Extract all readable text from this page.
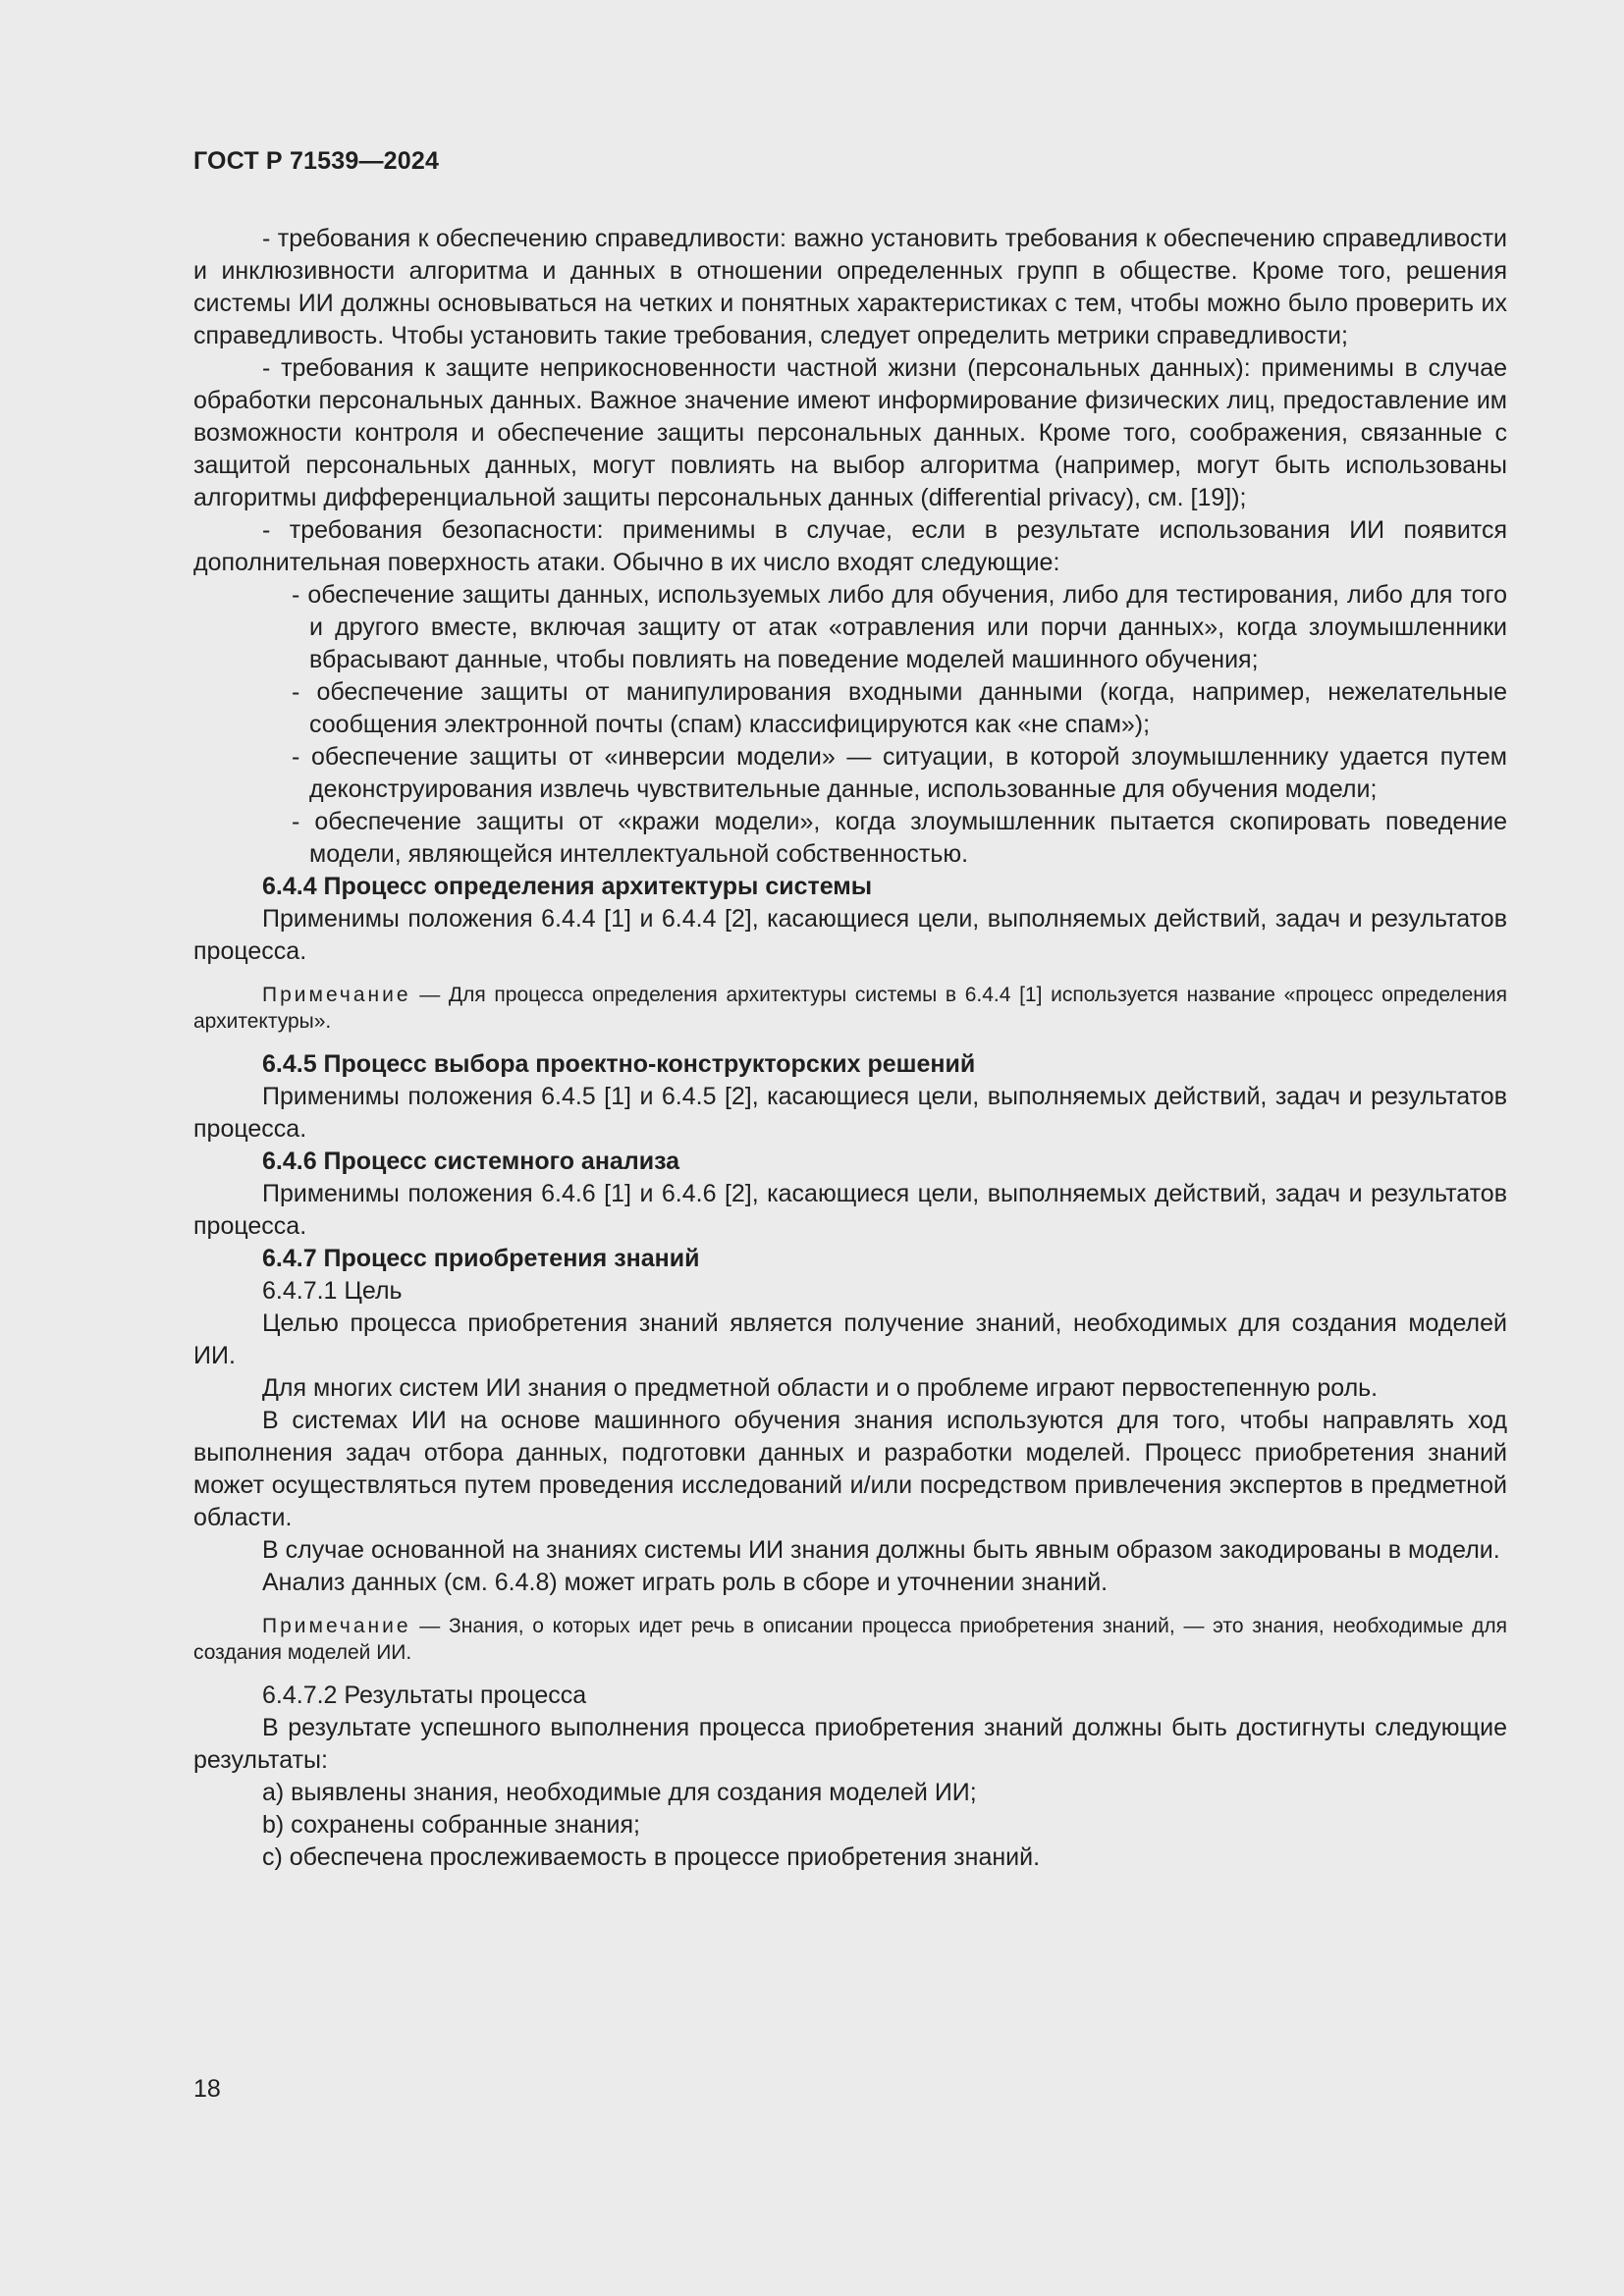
ГОСТ Р 71539—2024

- требования к обеспечению справедливости: важно установить требования к обеспечению справедливости и инклюзивности алгоритма и данных в отношении определенных групп в обществе. Кроме того, решения системы ИИ должны основываться на четких и понятных характеристиках с тем, чтобы можно было проверить их справедливость. Чтобы установить такие требования, следует определить метрики справедливости;

- требования к защите неприкосновенности частной жизни (персональных данных): применимы в случае обработки персональных данных. Важное значение имеют информирование физических лиц, предоставление им возможности контроля и обеспечение защиты персональных данных. Кроме того, соображения, связанные с защитой персональных данных, могут повлиять на выбор алгоритма (например, могут быть использованы алгоритмы дифференциальной защиты персональных данных (differential privacy), см. [19]);

- требования безопасности: применимы в случае, если в результате использования ИИ появится дополнительная поверхность атаки. Обычно в их число входят следующие:

- обеспечение защиты данных, используемых либо для обучения, либо для тестирования, либо для того и другого вместе, включая защиту от атак «отравления или порчи данных», когда злоумышленники вбрасывают данные, чтобы повлиять на поведение моделей машинного обучения;

- обеспечение защиты от манипулирования входными данными (когда, например, нежелательные сообщения электронной почты (спам) классифицируются как «не спам»);

- обеспечение защиты от «инверсии модели» — ситуации, в которой злоумышленнику удается путем деконструирования извлечь чувствительные данные, использованные для обучения модели;

- обеспечение защиты от «кражи модели», когда злоумышленник пытается скопировать поведение модели, являющейся интеллектуальной собственностью.

6.4.4 Процесс определения архитектуры системы

Применимы положения 6.4.4 [1] и 6.4.4 [2], касающиеся цели, выполняемых действий, задач и результатов процесса.

Примечание — Для процесса определения архитектуры системы в 6.4.4 [1] используется название «процесс определения архитектуры».

6.4.5 Процесс выбора проектно-конструкторских решений

Применимы положения 6.4.5 [1] и 6.4.5 [2], касающиеся цели, выполняемых действий, задач и результатов процесса.

6.4.6 Процесс системного анализа

Применимы положения 6.4.6 [1] и 6.4.6 [2], касающиеся цели, выполняемых действий, задач и результатов процесса.

6.4.7 Процесс приобретения знаний

6.4.7.1 Цель

Целью процесса приобретения знаний является получение знаний, необходимых для создания моделей ИИ.

Для многих систем ИИ знания о предметной области и о проблеме играют первостепенную роль.

В системах ИИ на основе машинного обучения знания используются для того, чтобы направлять ход выполнения задач отбора данных, подготовки данных и разработки моделей. Процесс приобретения знаний может осуществляться путем проведения исследований и/или посредством привлечения экспертов в предметной области.

В случае основанной на знаниях системы ИИ знания должны быть явным образом закодированы в модели.

Анализ данных (см. 6.4.8) может играть роль в сборе и уточнении знаний.

Примечание — Знания, о которых идет речь в описании процесса приобретения знаний, — это знания, необходимые для создания моделей ИИ.

6.4.7.2 Результаты процесса

В результате успешного выполнения процесса приобретения знаний должны быть достигнуты следующие результаты:

a) выявлены знания, необходимые для создания моделей ИИ;

b) сохранены собранные знания;

c) обеспечена прослеживаемость в процессе приобретения знаний.

18
